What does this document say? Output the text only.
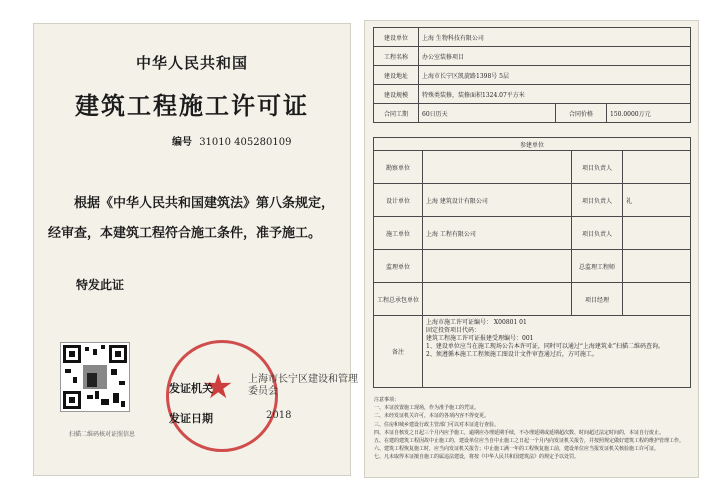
中华人民共和国
建筑工程施工许可证
编号 31010 405280109
根据《中华人民共和国建筑法》第八条规定，经审查，本建筑工程符合施工条件，准予施工。
特发此证
扫描二维码核对证照信息
★
发证机关
上海市长宁区建设和管理委员会
发证日期	2018
建设单位	上海 生物科技有限公司		
工程名称	办公室装修项目		
建设地址	上海市长宁区凯旋路1398号 5层		
建设规模	特殊类装修，装修面积1324.07平方米		
合同工期	60日历天	合同价格	150.0000万元
参建单位			
勘察单位		项目负责人	
设计单位	上海 建筑设计有限公司	项目负责人	礼
施工单位	上海 工程有限公司	项目负责人	
监理单位		总监理工程师	
工程总承包单位		项目经理	
备注	上海市施工许可证编号： X00801 01
固定投资项目代码：
建筑工程施工许可证报建受理编号：001
1、建设单位应当在施工现场公告本许可证，同时可以通过“上海建筑业”扫描二维码查询。
2、须遵循本施工工程须施工图设计文件审查通过后，方可施工。		
注意事项：
一、本证放置施工现场，作为准予施工的凭证。
二、未经发证机关许可，本证的各项内容不得变更。
三、住房和城乡建设行政主管部门可以对本证进行查验。
四、本证自核发之日起三个月内应予施工，逾期应办理延期手续，不办理延期或延期超次数、时间超过法定时间的，本证自行废止。
五、在建的建筑工程因故中止施工的，建设单位应当自中止施工之日起一个月内向发证机关报告，并按照规定做好建筑工程的维护管理工作。
六、建筑工程恢复施工时，应当向发证机关报告；中止施工满一年的工程恢复施工前，建设单位应当报发证机关核验施工许可证。
七、凡未取得本证擅自施工的属违法建设，将按《中华人民共和国建筑法》的规定予以处罚。
